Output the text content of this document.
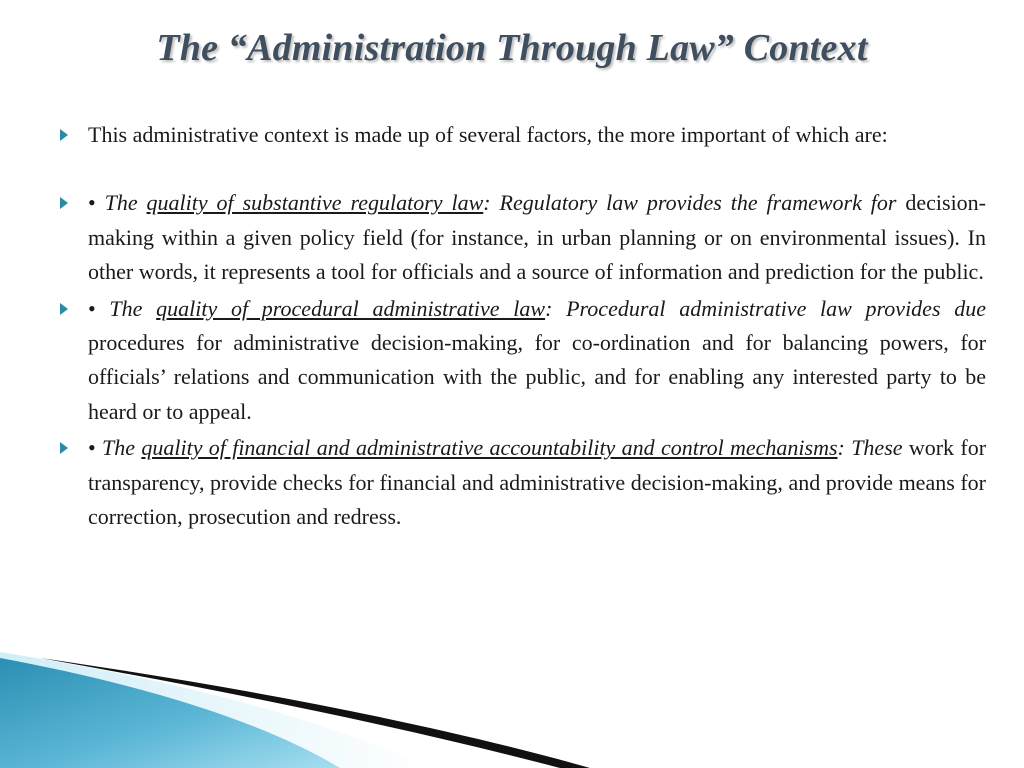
The “Administration Through Law” Context
This administrative context is made up of several factors, the more important of which are:
• The quality of substantive regulatory law: Regulatory law provides the framework for decision-making within a given policy field (for instance, in urban planning or on environmental issues). In other words, it represents a tool for officials and a source of information and prediction for the public.
• The quality of procedural administrative law: Procedural administrative law provides due procedures for administrative decision-making, for co-ordination and for balancing powers, for officials’ relations and communication with the public, and for enabling any interested party to be heard or to appeal.
• The quality of financial and administrative accountability and control mechanisms: These work for transparency, provide checks for financial and administrative decision-making, and provide means for correction, prosecution and redress.
